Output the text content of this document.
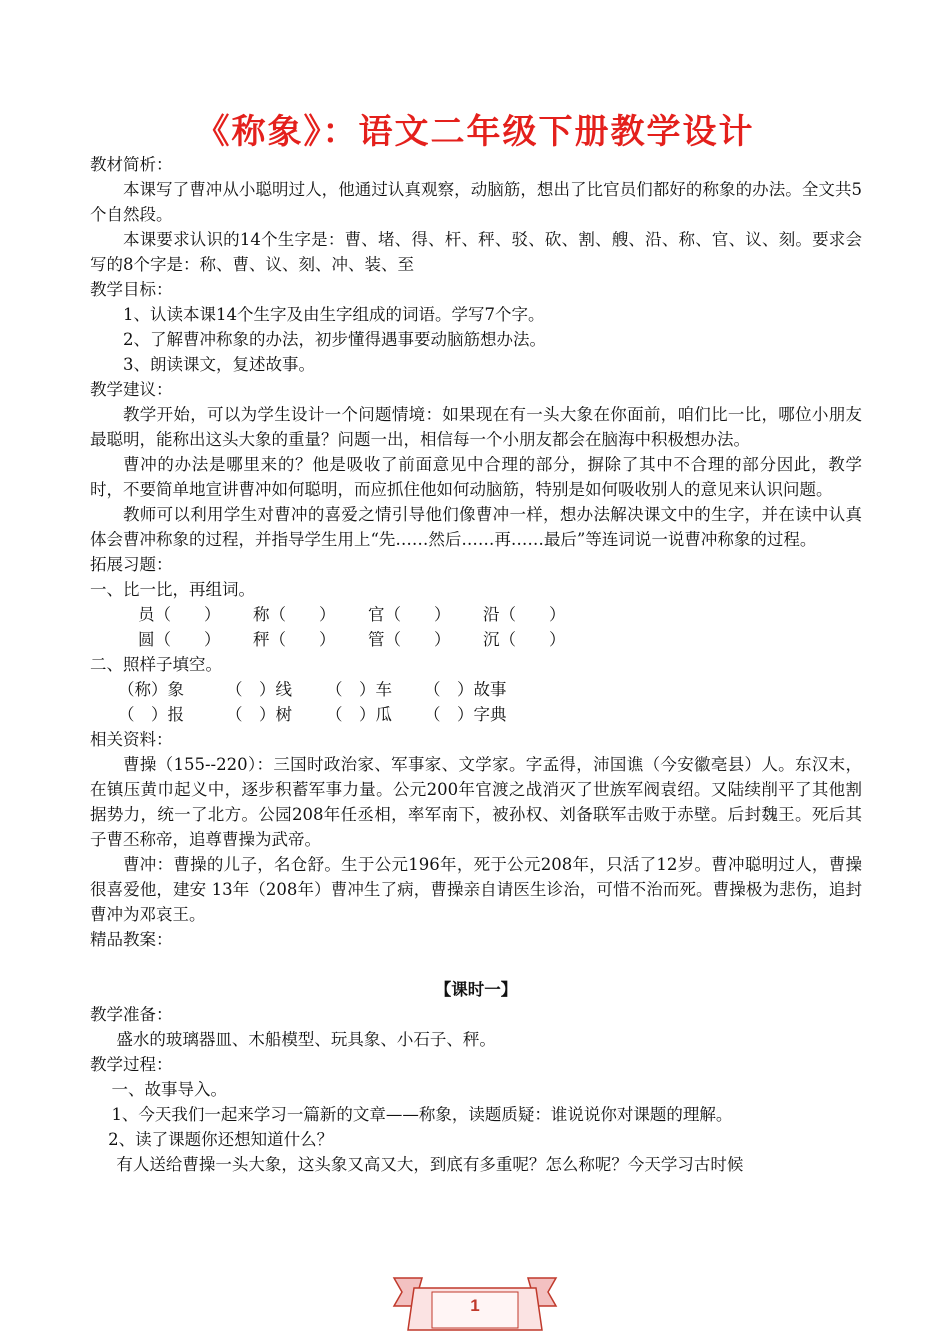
《称象》：语文二年级下册教学设计

教材简析：

本课写了曹冲从小聪明过人，他通过认真观察，动脑筋，想出了比官员们都好的称象的办法。全文共5个自然段。

本课要求认识的14个生字是：曹、堵、得、杆、秤、驳、砍、割、艘、沿、称、官、议、刻。要求会写的8个字是：称、曹、议、刻、冲、装、至

教学目标：

1、认读本课14个生字及由生字组成的词语。学写7个字。

2、了解曹冲称象的办法，初步懂得遇事要动脑筋想办法。

3、朗读课文，复述故事。

教学建议：

教学开始，可以为学生设计一个问题情境：如果现在有一头大象在你面前，咱们比一比，哪位小朋友最聪明，能称出这头大象的重量？问题一出，相信每一个小朋友都会在脑海中积极想办法。

曹冲的办法是哪里来的？他是吸收了前面意见中合理的部分，摒除了其中不合理的部分因此，教学时，不要简单地宣讲曹冲如何聪明，而应抓住他如何动脑筋，特别是如何吸收别人的意见来认识问题。

教师可以利用学生对曹冲的喜爱之情引导他们像曹冲一样，想办法解决课文中的生字，并在读中认真体会曹冲称象的过程，并指导学生用上“先……然后……再……最后”等连词说一说曹冲称象的过程。

拓展习题：

一、比一比，再组词。

员（　　）	称（　　）	官（　　）	沿（　　）
圆（　　）	秤（　　）	管（　　）	沉（　　）

二、照样子填空。

（称）象	（　）线	（　）车	（　）故事
（　）报	（　）树	（　）瓜	（　）字典

相关资料：

曹操（155--220）：三国时政治家、军事家、文学家。字孟得，沛国谯（今安徽亳县）人。东汉末，在镇压黄巾起义中，逐步积蓄军事力量。公元200年官渡之战消灭了世族军阀袁绍。又陆续削平了其他割据势力，统一了北方。公园208年任丞相，率军南下，被孙权、刘备联军击败于赤壁。后封魏王。死后其子曹丕称帝，追尊曹操为武帝。

曹冲：曹操的儿子，名仓舒。生于公元196年，死于公元208年，只活了12岁。曹冲聪明过人，曹操很喜爱他，建安 13年（208年）曹冲生了病，曹操亲自请医生诊治，可惜不治而死。曹操极为悲伤，追封曹冲为邓哀王。

精品教案：

【课时一】

教学准备：

盛水的玻璃器皿、木船模型、玩具象、小石子、秤。

教学过程：

一、故事导入。

1、今天我们一起来学习一篇新的文章——称象，读题质疑：谁说说你对课题的理解。

2、读了课题你还想知道什么？

有人送给曹操一头大象，这头象又高又大，到底有多重呢？怎么称呢？今天学习古时候

1
